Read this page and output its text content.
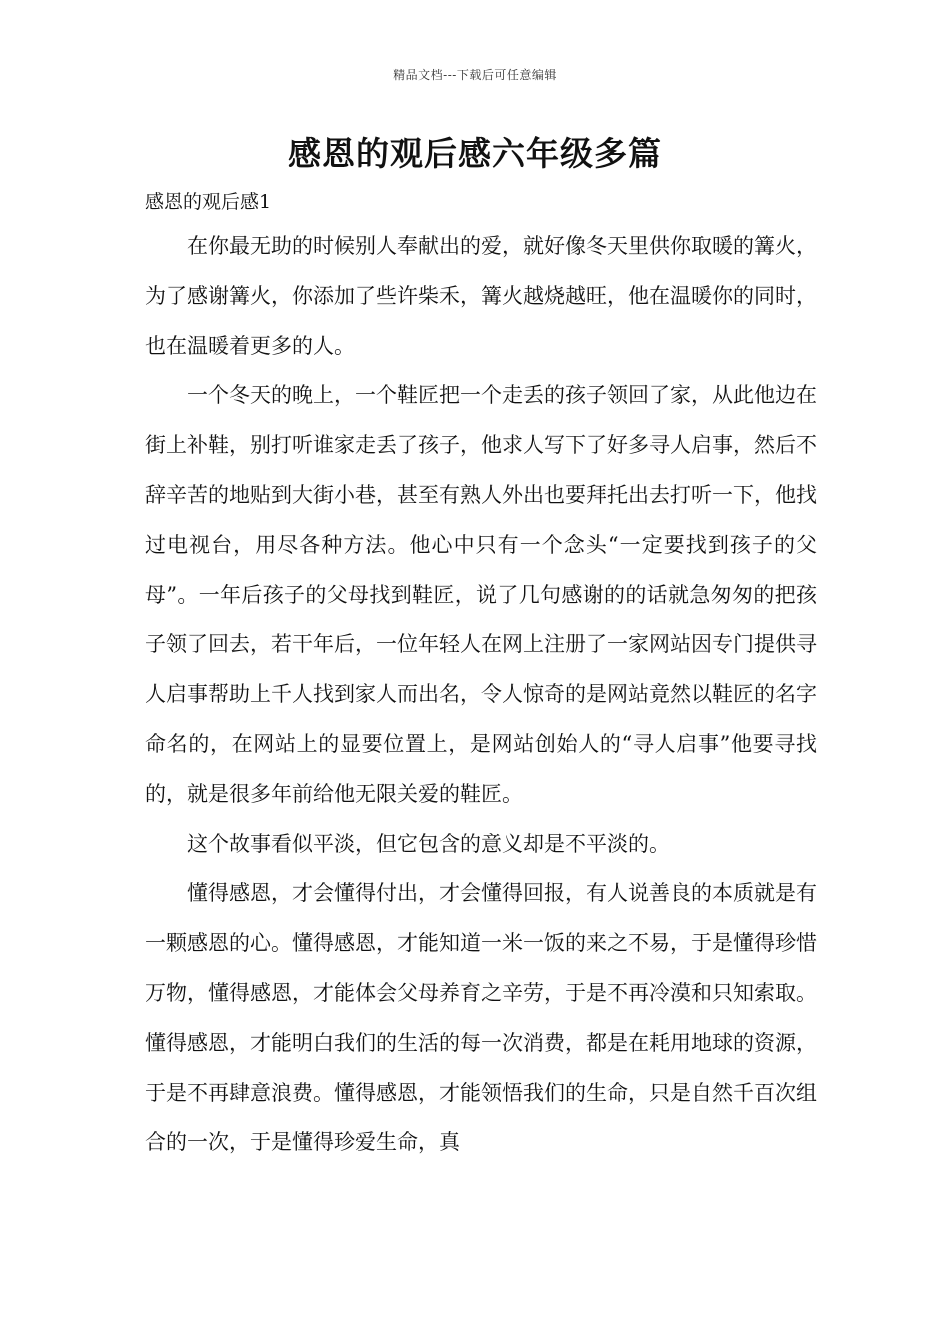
精品文档---下载后可任意编辑
感恩的观后感六年级多篇

感恩的观后感1

在你最无助的时候别人奉献出的爱，就好像冬天里供你取暖的篝火，为了感谢篝火，你添加了些许柴禾，篝火越烧越旺，他在温暖你的同时，也在温暖着更多的人。

一个冬天的晚上，一个鞋匠把一个走丢的孩子领回了家，从此他边在街上补鞋，别打听谁家走丢了孩子，他求人写下了好多寻人启事，然后不辞辛苦的地贴到大街小巷，甚至有熟人外出也要拜托出去打听一下，他找过电视台，用尽各种方法。他心中只有一个念头“一定要找到孩子的父母”。一年后孩子的父母找到鞋匠，说了几句感谢的的话就急匆匆的把孩子领了回去，若干年后，一位年轻人在网上注册了一家网站因专门提供寻人启事帮助上千人找到家人而出名，令人惊奇的是网站竟然以鞋匠的名字命名的，在网站上的显要位置上，是网站创始人的“寻人启事”他要寻找的，就是很多年前给他无限关爱的鞋匠。

这个故事看似平淡，但它包含的意义却是不平淡的。

懂得感恩，才会懂得付出，才会懂得回报，有人说善良的本质就是有一颗感恩的心。懂得感恩，才能知道一米一饭的来之不易，于是懂得珍惜万物，懂得感恩，才能体会父母养育之辛劳，于是不再冷漠和只知索取。懂得感恩，才能明白我们的生活的每一次消费，都是在耗用地球的资源，于是不再肆意浪费。懂得感恩，才能领悟我们的生命，只是自然千百次组合的一次，于是懂得珍爱生命，真
